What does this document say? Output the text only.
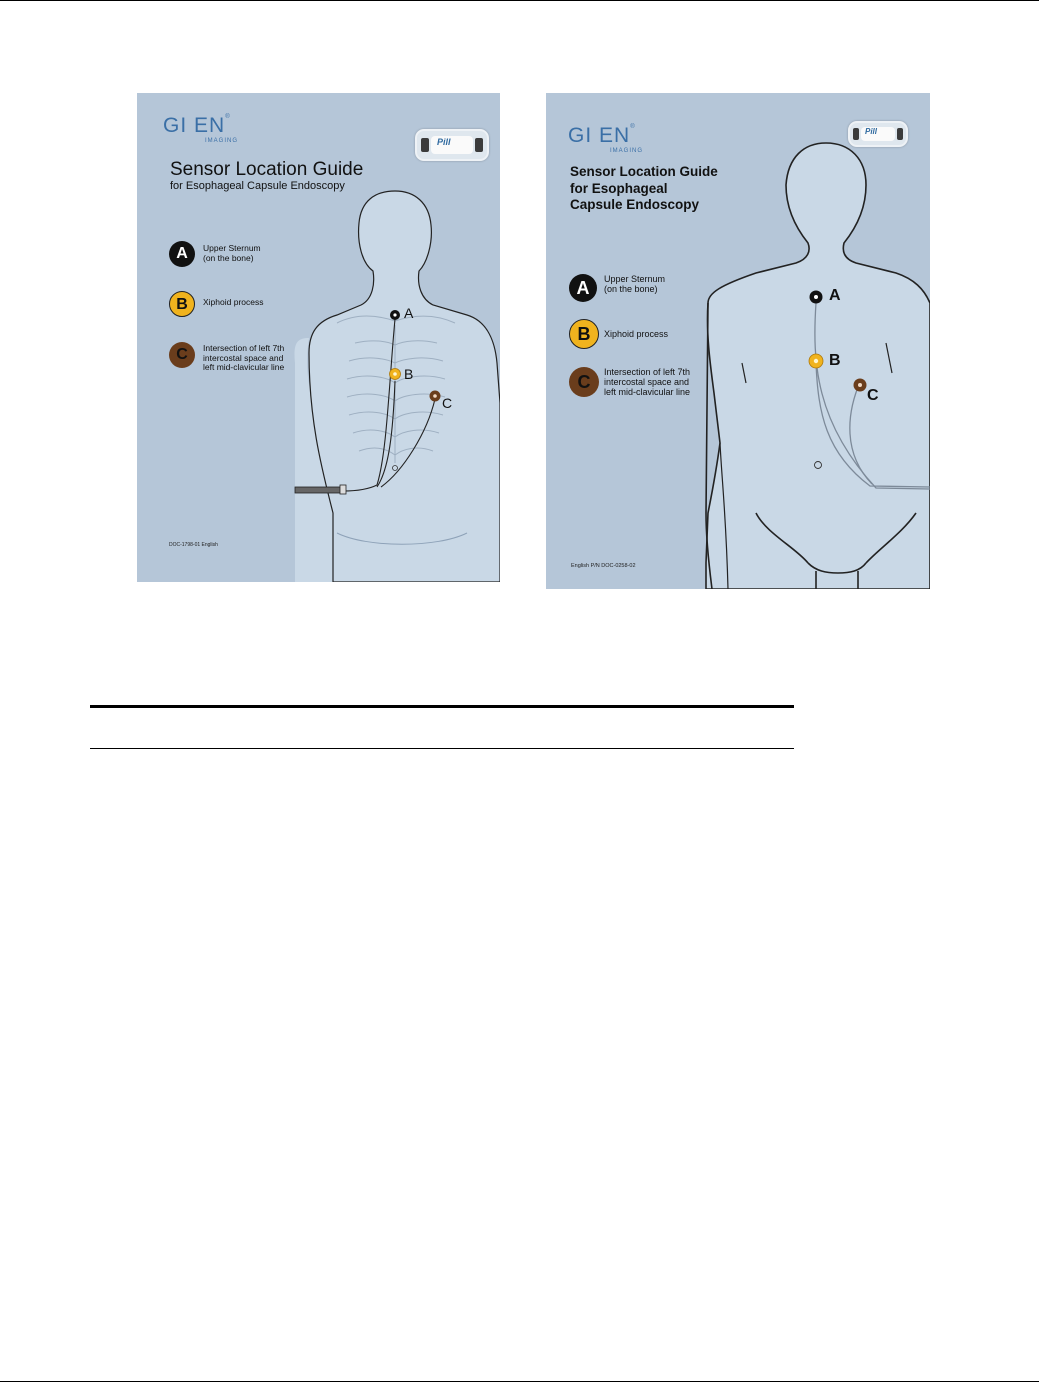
GI EN®
IMAGING	Pill
Sensor Location Guide
for Esophageal Capsule Endoscopy
A	Upper Sternum
(on the bone)
B	Xiphoid process
C	Intersection of left 7th
intercostal space and
left mid-clavicular line
A
B
C
DOC-1798-01 English
GI EN®
IMAGING
Pill
Sensor Location Guide
for Esophageal
Capsule Endoscopy
A	Upper Sternum
(on the bone)
B	Xiphoid process
C	Intersection of left 7th
intercostal space and
left mid-clavicular line
A
B
C
English P/N DOC-0258-02
